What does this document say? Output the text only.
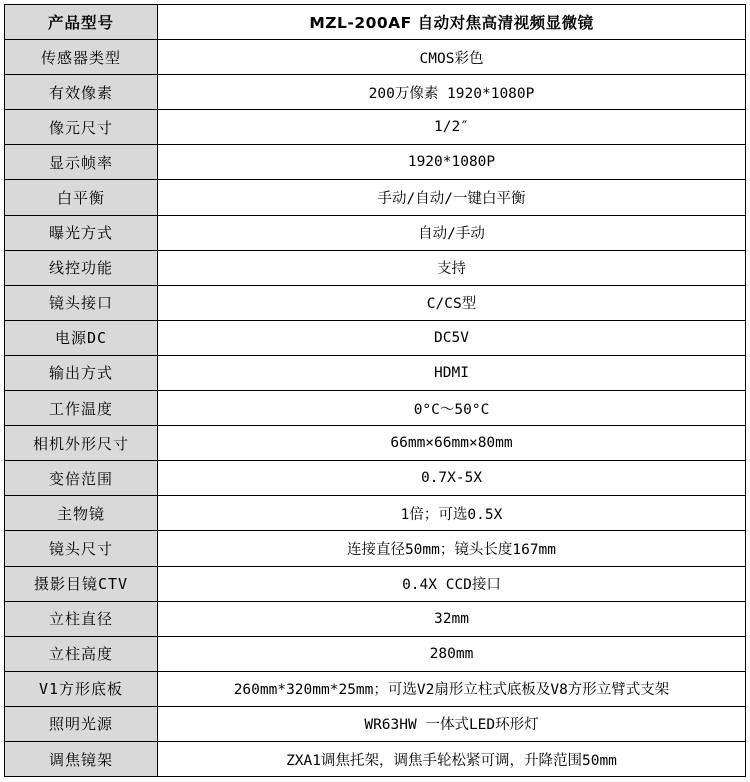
产品型号	MZL-200AF 自动对焦高清视频显微镜
传感器类型	CMOS彩色
有效像素	200万像素 1920*1080P
像元尺寸	1/2″
显示帧率	1920*1080P
白平衡	手动/自动/一键白平衡
曝光方式	自动/手动
线控功能	支持
镜头接口	C/CS型
电源DC	DC5V
输出方式	HDMI
工作温度	0°C～50°C
相机外形尺寸	66mm×66mm×80mm
变倍范围	0.7X-5X
主物镜	1倍；可选0.5X
镜头尺寸	连接直径50mm；镜头长度167mm
摄影目镜CTV	0.4X CCD接口
立柱直径	32mm
立柱高度	280mm
V1方形底板	260mm*320mm*25mm；可选V2扇形立柱式底板及V8方形立臂式支架
照明光源	WR63HW 一体式LED环形灯
调焦镜架	ZXA1调焦托架，调焦手轮松紧可调，升降范围50mm
